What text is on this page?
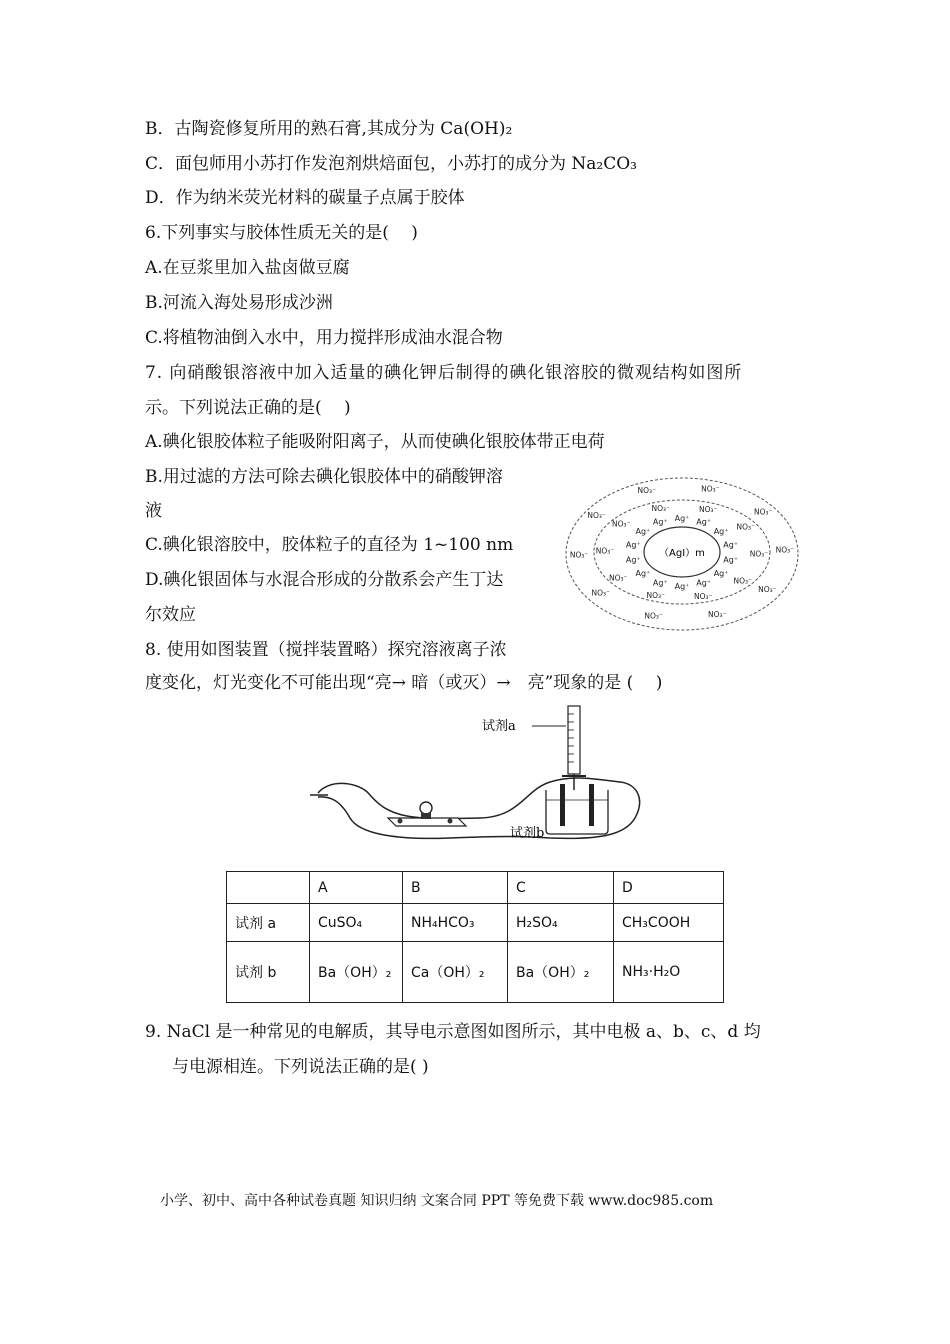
B．古陶瓷修复所用的熟石膏,其成分为 Ca(OH)₂
C．面包师用小苏打作发泡剂烘焙面包，小苏打的成分为 Na₂CO₃
D．作为纳米荧光材料的碳量子点属于胶体
6.下列事实与胶体性质无关的是(　 )
A.在豆浆里加入盐卤做豆腐
B.河流入海处易形成沙洲
C.将植物油倒入水中，用力搅拌形成油水混合物
7. 向硝酸银溶液中加入适量的碘化钾后制得的碘化银溶胶的微观结构如图所
示。下列说法正确的是(　 )
A.碘化银胶体粒子能吸附阳离子，从而使碘化银胶体带正电荷
B.用过滤的方法可除去碘化银胶体中的硝酸钾溶
液
C.碘化银溶胶中，胶体粒子的直径为 1~100 nm
D.碘化银固体与水混合形成的分散系会产生丁达
尔效应
（AgI）m
Ag⁺ Ag⁺
Ag⁺
Ag⁺
Ag⁺
Ag⁺
Ag⁺
Ag⁺
Ag⁺
Ag⁺
Ag⁺
Ag⁺
Ag⁺
Ag⁺
NO₃⁻
NO₃⁻
NO₃⁻
NO₃⁻
NO₃⁻
NO₃⁻
NO₃⁻
NO₃⁻
NO₃⁻
NO₃⁻
NO₃⁻	NO₃⁻
NO₃⁻
NO₃⁻
NO₃⁻
NO₃⁻
NO₃⁻
NO₃⁻
NO₃⁻
NO₃⁻
8. 使用如图装置（搅拌装置略）探究溶液离子浓
度变化，灯光变化不可能出现“亮→ 暗（或灭）→　亮”现象的是 (　 )
试剂a
试剂b
	A	B	C	D
试剂 a	CuSO₄	NH₄HCO₃	H₂SO₄	CH₃COOH
试剂 b	Ba（OH）₂	Ca（OH）₂	Ba（OH）₂	NH₃·H₂O
9. NaCl 是一种常见的电解质，其导电示意图如图所示，其中电极 a、b、c、d 均
与电源相连。下列说法正确的是( )
小学、初中、高中各种试卷真题 知识归纳 文案合同 PPT 等免费下载 www.doc985.com
